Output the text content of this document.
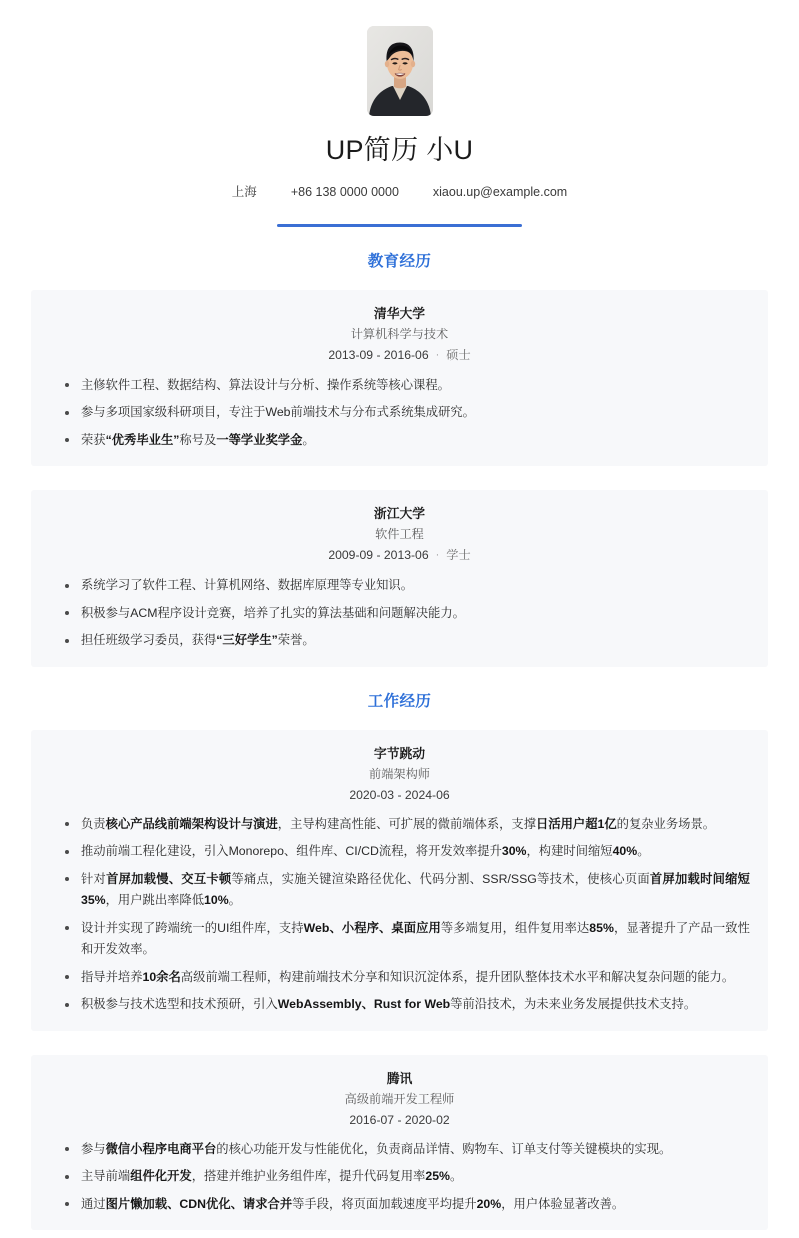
UP简历 小U
上海	+86 138 0000 0000	xiaou.up@example.com
教育经历
清华大学
计算机科学与技术
2013-09 - 2016-06 · 硕士
主修软件工程、数据结构、算法设计与分析、操作系统等核心课程。
参与多项国家级科研项目，专注于Web前端技术与分布式系统集成研究。
荣获“优秀毕业生”称号及一等学业奖学金。
浙江大学
软件工程
2009-09 - 2013-06 · 学士
系统学习了软件工程、计算机网络、数据库原理等专业知识。
积极参与ACM程序设计竞赛，培养了扎实的算法基础和问题解决能力。
担任班级学习委员，获得“三好学生”荣誉。
工作经历
字节跳动
前端架构师
2020-03 - 2024-06
负责核心产品线前端架构设计与演进，主导构建高性能、可扩展的微前端体系，支撑日活用户超1亿的复杂业务场景。
推动前端工程化建设，引入Monorepo、组件库、CI/CD流程，将开发效率提升30%，构建时间缩短40%。
针对首屏加载慢、交互卡顿等痛点，实施关键渲染路径优化、代码分割、SSR/SSG等技术，使核心页面首屏加载时间缩短35%，用户跳出率降低10%。
设计并实现了跨端统一的UI组件库，支持Web、小程序、桌面应用等多端复用，组件复用率达85%，显著提升了产品一致性和开发效率。
指导并培养10余名高级前端工程师，构建前端技术分享和知识沉淀体系，提升团队整体技术水平和解决复杂问题的能力。
积极参与技术选型和技术预研，引入WebAssembly、Rust for Web等前沿技术，为未来业务发展提供技术支持。
腾讯
高级前端开发工程师
2016-07 - 2020-02
参与微信小程序电商平台的核心功能开发与性能优化，负责商品详情、购物车、订单支付等关键模块的实现。
主导前端组件化开发，搭建并维护业务组件库，提升代码复用率25%。
通过图片懒加载、CDN优化、请求合并等手段，将页面加载速度平均提升20%，用户体验显著改善。
